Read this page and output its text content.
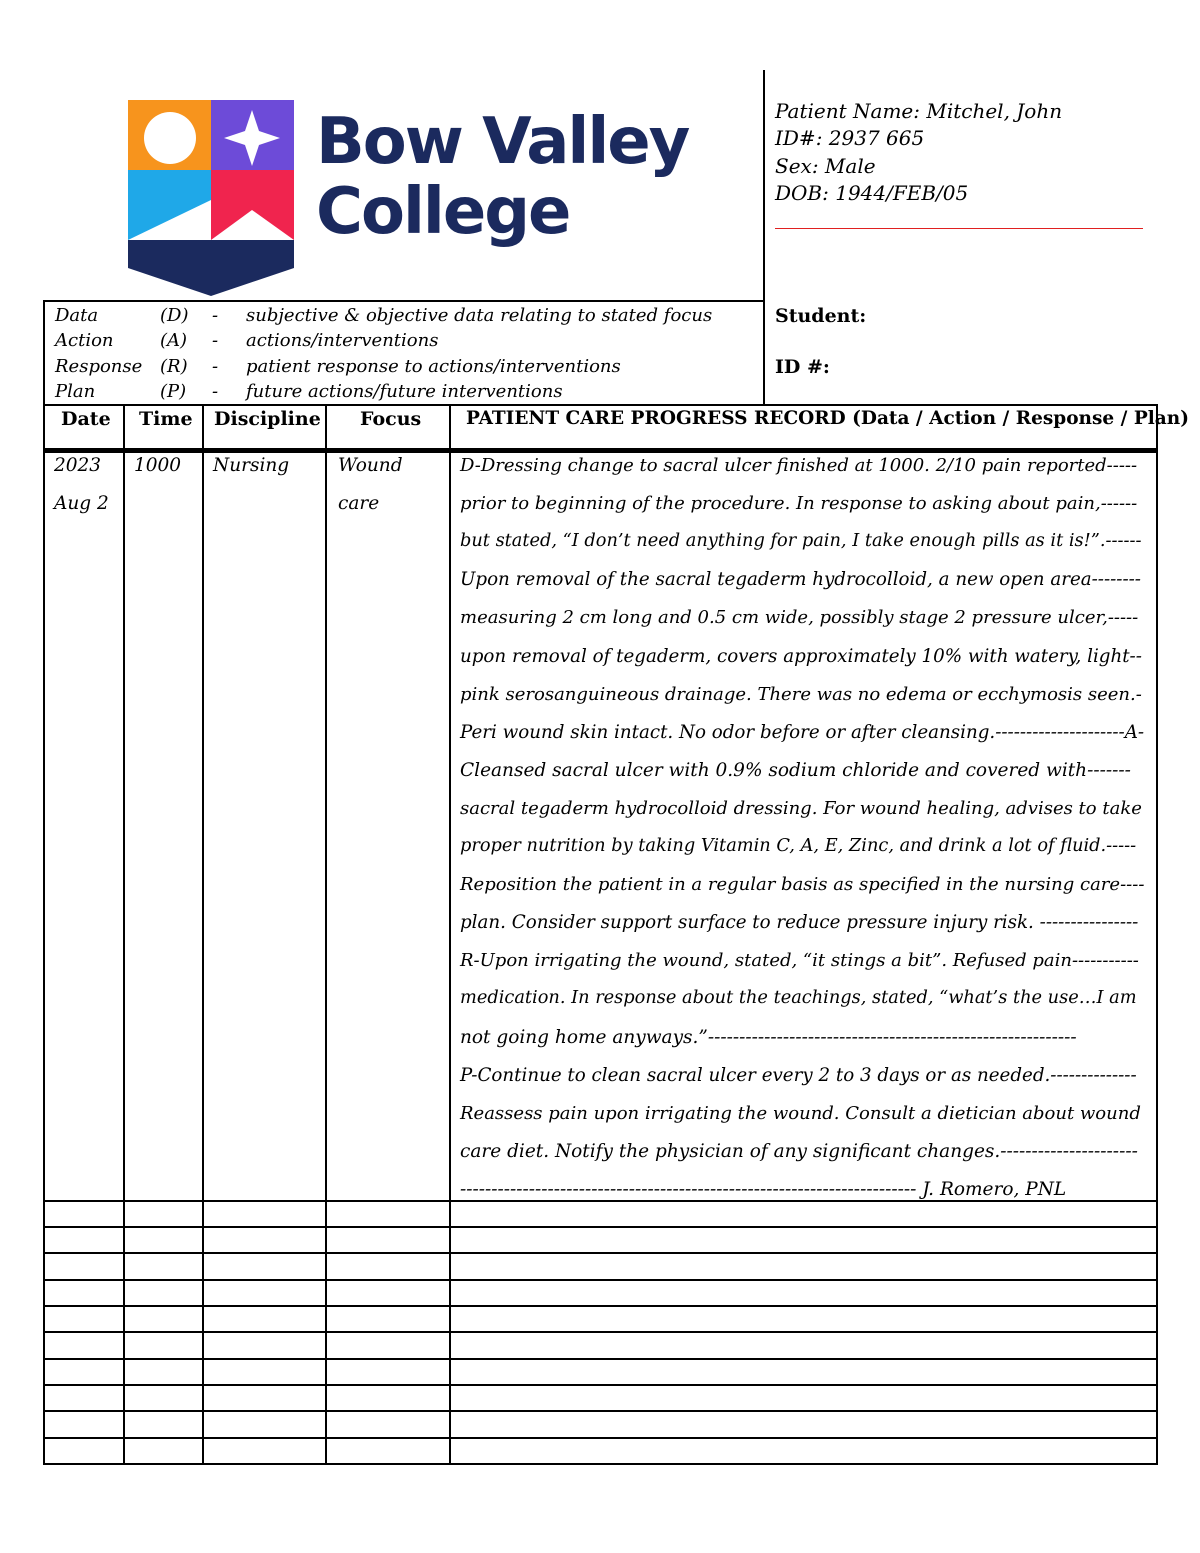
Bow Valley
College
Patient Name: Mitchel, John
ID#: 2937 665
Sex: Male
DOB: 1944/FEB/05
Data	(D) - subjective & objective data relating to stated focus
Action	(A) - actions/interventions
Response (R) - patient response to actions/interventions
Plan	(P) - future actions/future interventions
Student:
ID #:
Date Time Discipline Focus PATIENT CARE PROGRESS RECORD (Data / Action / Response / Plan)
2023
Aug 2
1000 Nursing	Wound
care
D-Dressing change to sacral ulcer finished at 1000. 2/10 pain reported-----
prior to beginning of the procedure. In response to asking about pain,------
but stated, “I don’t need anything for pain, I take enough pills as it is!”.------
Upon removal of the sacral tegaderm hydrocolloid, a new open area--------
measuring 2 cm long and 0.5 cm wide, possibly stage 2 pressure ulcer,-----
upon removal of tegaderm, covers approximately 10% with watery, light--
pink serosanguineous drainage. There was no edema or ecchymosis seen.-
Peri wound skin intact. No odor before or after cleansing.---------------------A-
Cleansed sacral ulcer with 0.9% sodium chloride and covered with-------
sacral tegaderm hydrocolloid dressing. For wound healing, advises to take
proper nutrition by taking Vitamin C, A, E, Zinc, and drink a lot of fluid.-----
Reposition the patient in a regular basis as specified in the nursing care----
plan. Consider support surface to reduce pressure injury risk. ----------------
R-Upon irrigating the wound, stated, “it stings a bit”. Refused pain-----------
medication. In response about the teachings, stated, “what’s the use…I am
not going home anyways.”-----------------------------------------------------------
P-Continue to clean sacral ulcer every 2 to 3 days or as needed.--------------
Reassess pain upon irrigating the wound. Consult a dietician about wound
care diet. Notify the physician of any significant changes.----------------------
------------------------------------------------------------------------- J. Romero, PNL
